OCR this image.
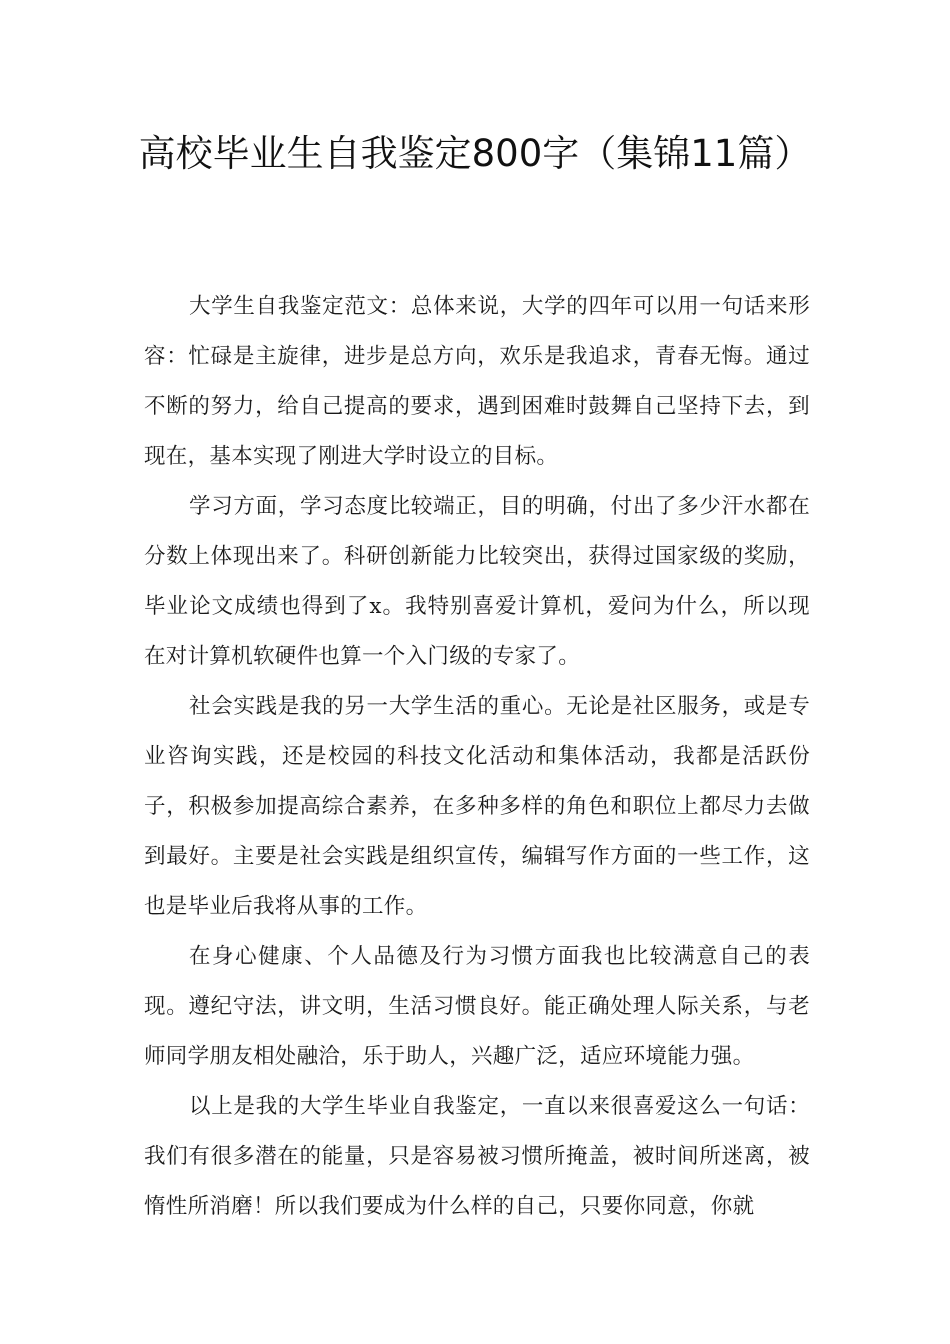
高校毕业生自我鉴定800字（集锦11篇）

大学生自我鉴定范文：总体来说，大学的四年可以用一句话来形容：忙碌是主旋律，进步是总方向，欢乐是我追求，青春无悔。通过不断的努力，给自己提高的要求，遇到困难时鼓舞自己坚持下去，到现在，基本实现了刚进大学时设立的目标。

学习方面，学习态度比较端正，目的明确，付出了多少汗水都在分数上体现出来了。科研创新能力比较突出，获得过国家级的奖励，毕业论文成绩也得到了x。我特别喜爱计算机，爱问为什么，所以现在对计算机软硬件也算一个入门级的专家了。

社会实践是我的另一大学生活的重心。无论是社区服务，或是专业咨询实践，还是校园的科技文化活动和集体活动，我都是活跃份子，积极参加提高综合素养，在多种多样的角色和职位上都尽力去做到最好。主要是社会实践是组织宣传，编辑写作方面的一些工作，这也是毕业后我将从事的工作。

在身心健康、个人品德及行为习惯方面我也比较满意自己的表现。遵纪守法，讲文明，生活习惯良好。能正确处理人际关系，与老师同学朋友相处融洽，乐于助人，兴趣广泛，适应环境能力强。

以上是我的大学生毕业自我鉴定，一直以来很喜爱这么一句话：我们有很多潜在的能量，只是容易被习惯所掩盖，被时间所迷离，被惰性所消磨！所以我们要成为什么样的自己，只要你同意，你就
